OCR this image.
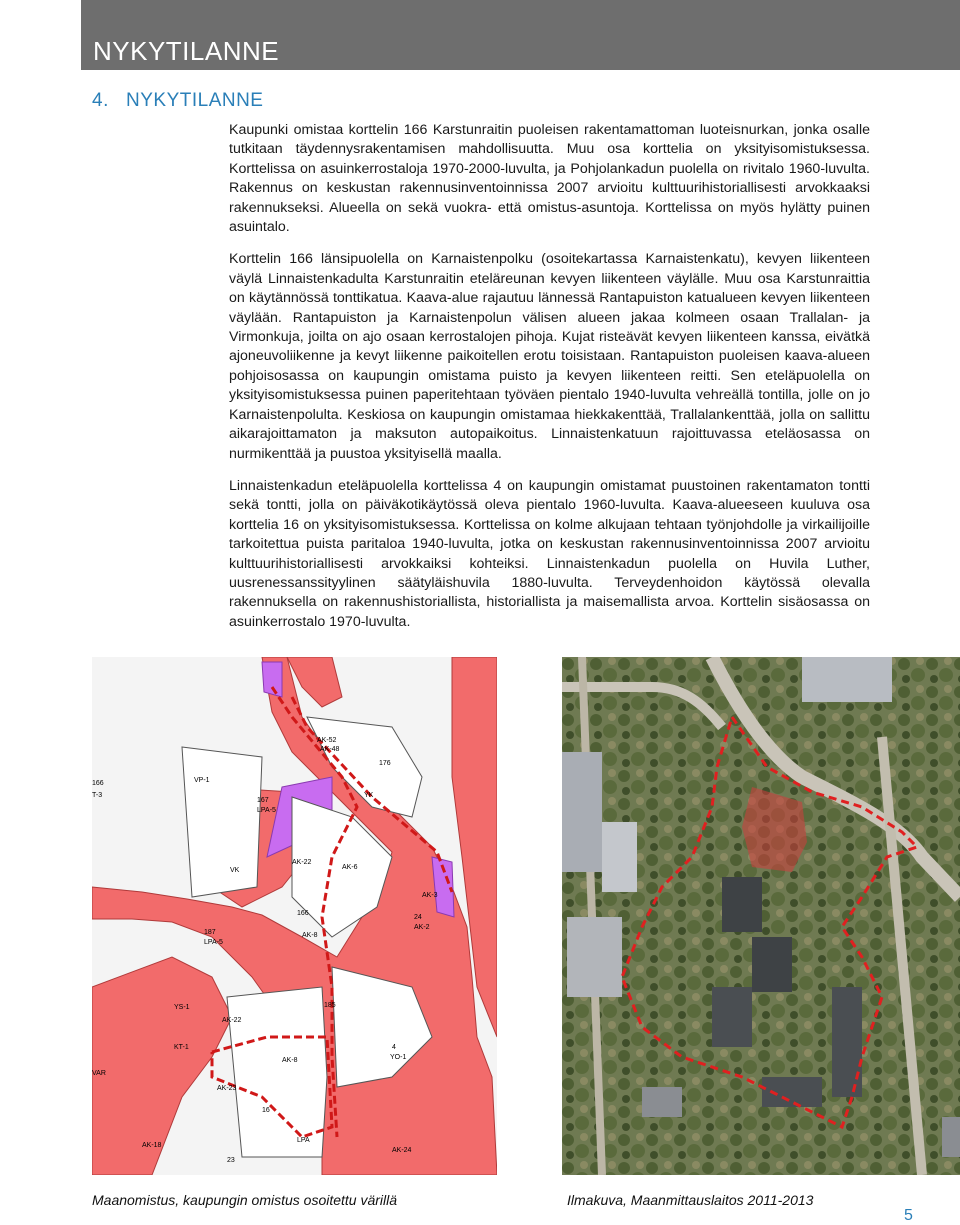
NYKYTILANNE
4. NYKYTILANNE

Kaupunki omistaa korttelin 166 Karstunraitin puoleisen rakentamattoman luoteisnurkan, jonka osalle tutkitaan täydennysrakentamisen mahdollisuutta. Muu osa korttelia on yksityisomistuksessa. Korttelissa on asuinkerrostaloja 1970-2000-luvulta, ja Pohjolankadun puolella on rivitalo 1960-luvulta. Rakennus on keskustan rakennusinventoinnissa 2007 arvioitu kulttuurihistoriallisesti arvokkaaksi rakennukseksi. Alueella on sekä vuokra- että omistus-asuntoja. Korttelissa on myös hylätty puinen asuintalo.

Korttelin 166 länsipuolella on Karnaistenpolku (osoitekartassa Karnaistenkatu), kevyen liikenteen väylä Linnaistenkadulta Karstunraitin eteläreunan kevyen liikenteen väylälle. Muu osa Karstunraittia on käytännössä tonttikatua. Kaava-alue rajautuu lännessä Rantapuiston katualueen kevyen liikenteen väylään. Rantapuiston ja Karnaistenpolun välisen alueen jakaa kolmeen osaan Trallalan- ja Virmonkuja, joilta on ajo osaan kerrostalojen pihoja. Kujat risteävät kevyen liikenteen kanssa, eivätkä ajoneuvoliikenne ja kevyt liikenne paikoitellen erotu toisistaan. Rantapuiston puoleisen kaava-alueen pohjoisosassa on kaupungin omistama puisto ja kevyen liikenteen reitti. Sen eteläpuolella on yksityisomistuksessa puinen paperitehtaan työväen pientalo 1940-luvulta vehreällä tontilla, jolle on jo Karnaistenpolulta. Keskiosa on kaupungin omistamaa hiekkakenttää, Trallalankenttää, jolla on sallittu aikarajoittamaton ja maksuton autopaikoitus. Linnaistenkatuun rajoittuvassa eteläosassa on nurmikenttää ja puustoa yksityisellä maalla.

Linnaistenkadun eteläpuolella korttelissa 4 on kaupungin omistamat puustoinen rakentamaton tontti sekä tontti, jolla on päiväkotikäytössä oleva pientalo 1960-luvulta. Kaava-alueeseen kuuluva osa korttelia 16 on yksityisomistuksessa. Korttelissa on kolme alkujaan tehtaan työnjohdolle ja virkailijoille tarkoitettua puista paritaloa 1940-luvulta, jotka on keskustan rakennusinventoinnissa 2007 arvioitu kulttuurihistoriallisesti arvokkaiksi kohteiksi. Linnaistenkadun puolella on Huvila Luther, uusrenessanssityylinen säätyläishuvila 1880-luvulta. Terveydenhoidon käytössä olevalla rakennuksella on rakennushistoriallista, historiallista ja maisemallista arvoa. Korttelin sisäosassa on asuinkerrostalo 1970-luvulta.

AK-52
AK-48
176
YK
VP-1
167
LPA-5
VK
AK-22
AK-6
166
AK-8
24
AK-3
AK-2
187
LPA-5
YS-1
AK-22
185
KT-1
AK-8
4
YO-1
AK-23
VAR
AK-18
166
T-3
LPA
16
AK-24
23
Maanomistus, kaupungin omistus osoitettu värillä	Ilmakuva, Maanmittauslaitos 2011-2013
5
